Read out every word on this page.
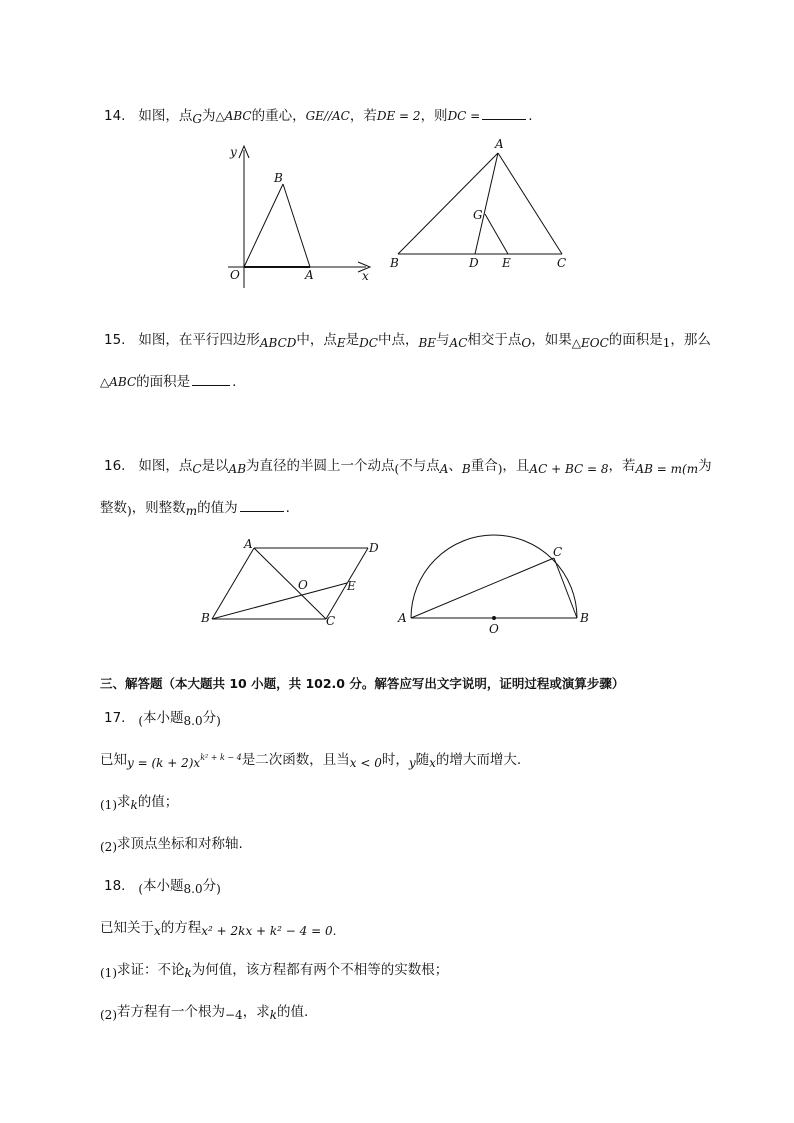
14. 如图，点G为△ABC的重心，GE//AC，若DE = 2，则DC =	.
y
x
B
O	A
A
G
B	D E	C
15. 如图，在平行四边形ABCD中，点E是DC中点，BE与AC相交于点O，如果△EOC的面积是1，那么
△ABC的面积是	.
16. 如图，点C是以AB为直径的半圆上一个动点(不与点A、B重合)，且AC + BC = 8，若AB = m(m为
整数)，则整数m的值为	.
A	D
O	E
B	C
C
A
O
B
三、解答题（本大题共 10 小题，共 102.0 分。解答应写出文字说明，证明过程或演算步骤）
17. (本小题8.0分)
已知$y = (k + 2)x^{k^2 + k - 4}$是二次函数，且当x < 0时，y随x的增大而增大.
(1)求k的值；
(2)求顶点坐标和对称轴.
18. (本小题8.0分)
已知关于x的方程x² + 2kx + k² − 4 = 0.
(1)求证：不论k为何值，该方程都有两个不相等的实数根；
(2)若方程有一个根为−4，求k的值.
